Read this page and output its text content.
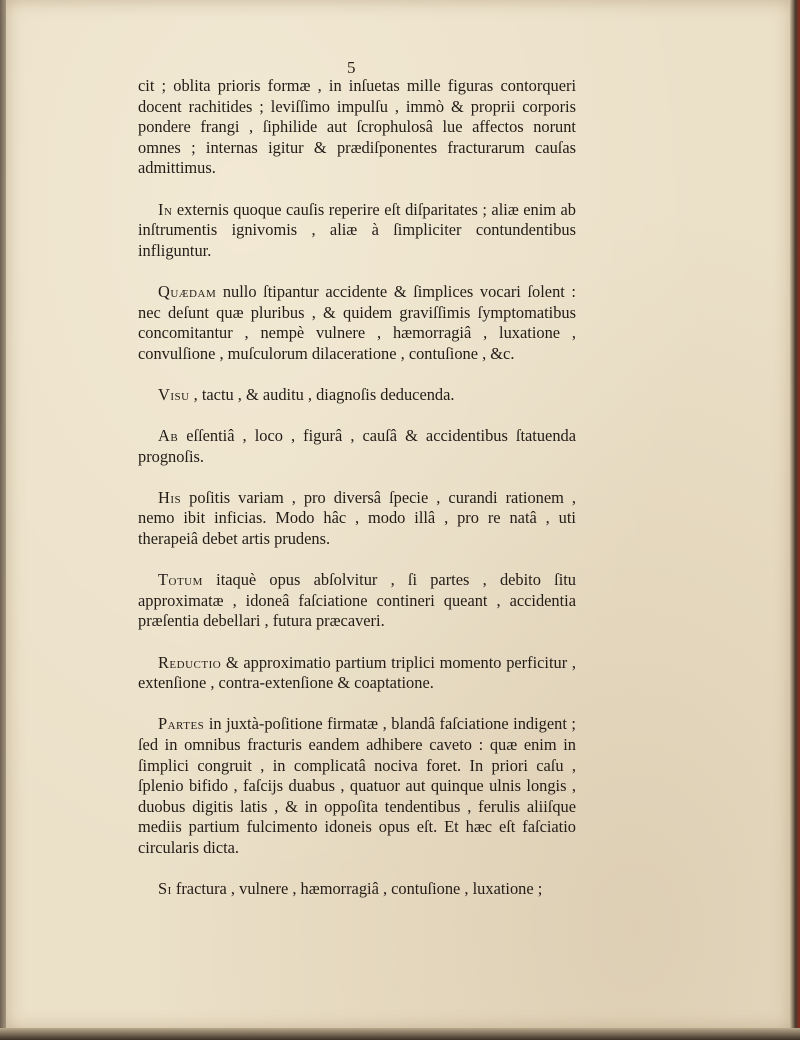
5

cit ; oblita prioris formæ , in inſuetas mille figuras contorqueri docent rachitides ; leviſſimo impulſu , immò & proprii corporis pondere frangi , ſiphilide aut ſcrophulosâ lue affectos norunt omnes ; internas igitur & prædiſponentes fracturarum cauſas admittimus.

In externis quoque cauſis reperire eſt diſparitates ; aliæ enim ab inſtrumentis ignivomis , aliæ à ſimpliciter contundentibus infliguntur.

Quædam nullo ſtipantur accidente & ſimplices vocari ſolent : nec deſunt quæ pluribus , & quidem graviſſimis ſymptomatibus concomitantur , nempè vulnere , hæmorragiâ , luxatione , convulſione , muſculorum dilaceratione , contuſione , &c.

Visu , tactu , & auditu , diagnoſis deducenda.

Ab eſſentiâ , loco , figurâ , cauſâ & accidentibus ſtatuenda prognoſis.

His poſitis variam , pro diversâ ſpecie , curandi rationem , nemo ibit inficias. Modo hâc , modo illâ , pro re natâ , uti therapeiâ debet artis prudens.

Totum itaquè opus abſolvitur , ſi partes , debito ſitu approximatæ , idoneâ faſciatione contineri queant , accidentia præſentia debellari , futura præcaveri.

Reductio & approximatio partium triplici momento perficitur , extenſione , contra-extenſione & coaptatione.

Partes in juxtà-poſitione firmatæ , blandâ faſciatione indigent ; ſed in omnibus fracturis eandem adhibere caveto : quæ enim in ſimplici congruit , in complicatâ nociva foret. In priori caſu , ſplenio bifido , faſcijs duabus , quatuor aut quinque ulnis longis , duobus digitis latis , & in oppoſita tendentibus , ferulis aliiſque mediis partium fulcimento idoneis opus eſt. Et hæc eſt faſciatio circularis dicta.

Si fractura , vulnere , hæmorragiâ , contuſione , luxatione ;
